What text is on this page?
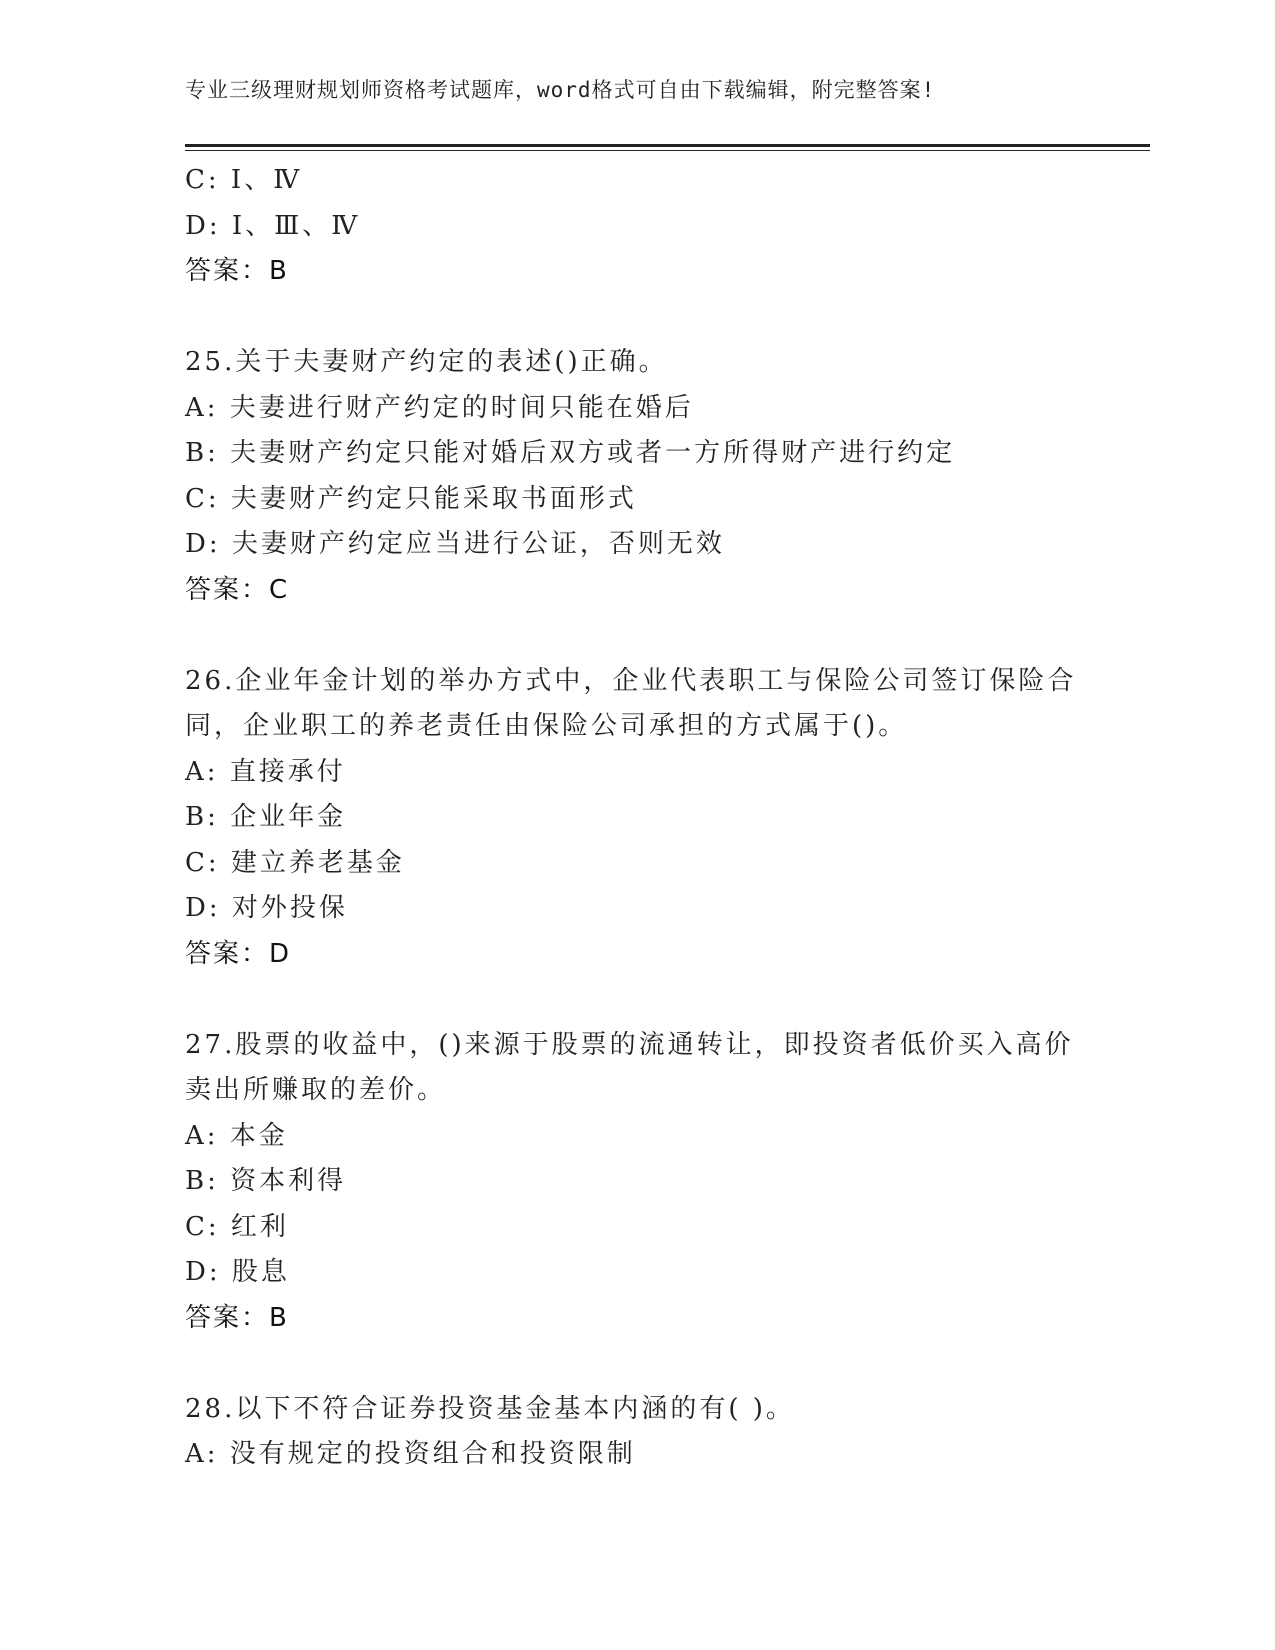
专业三级理财规划师资格考试题库，word格式可自由下载编辑，附完整答案!
C: Ⅰ、Ⅳ
D: Ⅰ、Ⅲ、Ⅳ
答案：B
25.关于夫妻财产约定的表述()正确。
A: 夫妻进行财产约定的时间只能在婚后
B: 夫妻财产约定只能对婚后双方或者一方所得财产进行约定
C: 夫妻财产约定只能采取书面形式
D: 夫妻财产约定应当进行公证，否则无效
答案：C
26.企业年金计划的举办方式中，企业代表职工与保险公司签订保险合
同，企业职工的养老责任由保险公司承担的方式属于()。
A: 直接承付
B: 企业年金
C: 建立养老基金
D: 对外投保
答案：D
27.股票的收益中，()来源于股票的流通转让，即投资者低价买入高价
卖出所赚取的差价。
A: 本金
B: 资本利得
C: 红利
D: 股息
答案：B
28.以下不符合证券投资基金基本内涵的有( )。
A: 没有规定的投资组合和投资限制
